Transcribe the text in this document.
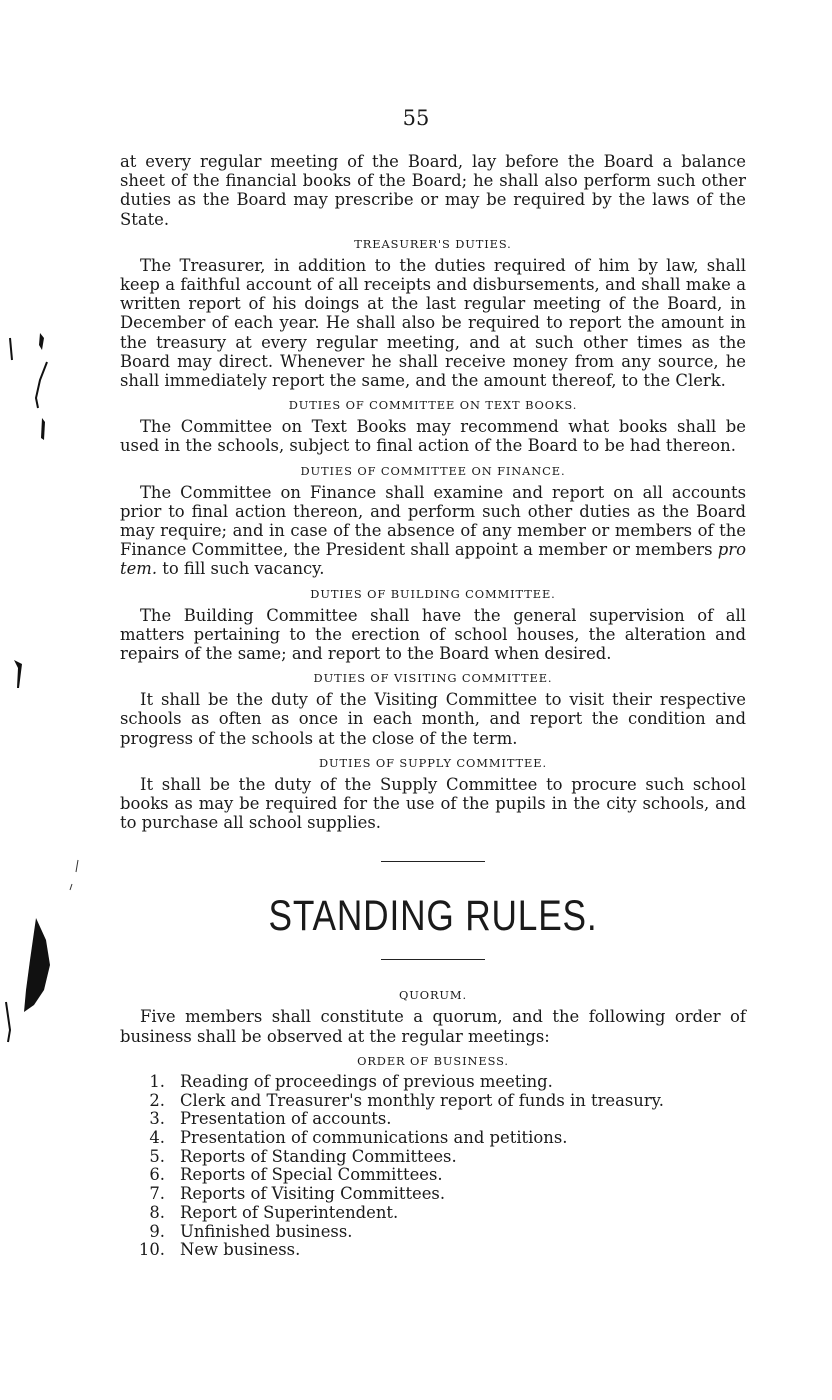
55

at every regular meeting of the Board, lay before the Board a balance sheet of the financial books of the Board; he shall also perform such other duties as the Board may prescribe or may be required by the laws of the State.

TREASURER'S DUTIES.

The Treasurer, in addition to the duties required of him by law, shall keep a faithful account of all receipts and disbursements, and shall make a written report of his doings at the last regular meeting of the Board, in December of each year. He shall also be required to report the amount in the treasury at every regular meeting, and at such other times as the Board may direct. Whenever he shall receive money from any source, he shall immediately report the same, and the amount thereof, to the Clerk.

DUTIES OF COMMITTEE ON TEXT BOOKS.

The Committee on Text Books may recommend what books shall be used in the schools, subject to final action of the Board to be had thereon.

DUTIES OF COMMITTEE ON FINANCE.

The Committee on Finance shall examine and report on all accounts prior to final action thereon, and perform such other duties as the Board may require; and in case of the absence of any member or members of the Finance Committee, the President shall appoint a member or members pro tem. to fill such vacancy.

DUTIES OF BUILDING COMMITTEE.

The Building Committee shall have the general supervision of all matters pertaining to the erection of school houses, the alteration and repairs of the same; and report to the Board when desired.

DUTIES OF VISITING COMMITTEE.

It shall be the duty of the Visiting Committee to visit their respective schools as often as once in each month, and report the condition and progress of the schools at the close of the term.

DUTIES OF SUPPLY COMMITTEE.

It shall be the duty of the Supply Committee to procure such school books as may be required for the use of the pupils in the city schools, and to purchase all school supplies.

STANDING RULES.
QUORUM.

Five members shall constitute a quorum, and the following order of business shall be observed at the regular meetings:

ORDER OF BUSINESS.
1. Reading of proceedings of previous meeting.
2. Clerk and Treasurer's monthly report of funds in treasury.
3. Presentation of accounts.
4. Presentation of communications and petitions.
5. Reports of Standing Committees.
6. Reports of Special Committees.
7. Reports of Visiting Committees.
8. Report of Superintendent.
9. Unfinished business.
10. New business.
